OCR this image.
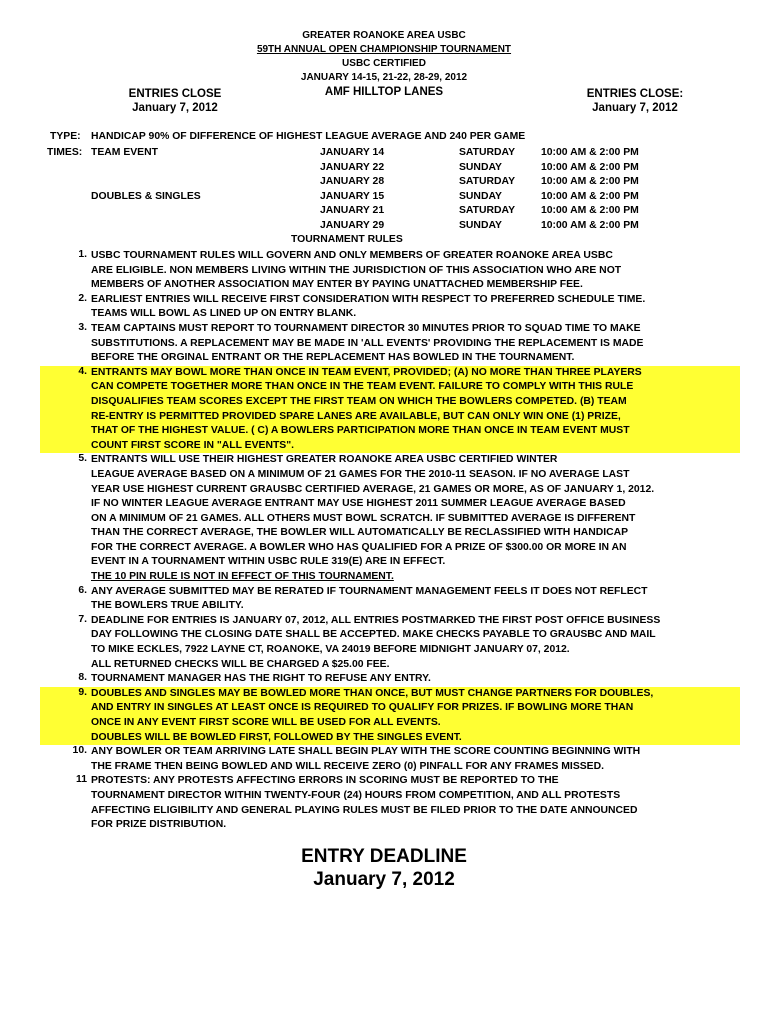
GREATER ROANOKE AREA USBC
59TH ANNUAL OPEN CHAMPIONSHIP TOURNAMENT
USBC CERTIFIED
JANUARY 14-15, 21-22, 28-29, 2012
AMF HILLTOP LANES
ENTRIES CLOSE
January 7, 2012
ENTRIES CLOSE:
January 7, 2012
TYPE: HANDICAP 90% OF DIFFERENCE OF HIGHEST LEAGUE AVERAGE AND 240 PER GAME
TIMES: TEAM EVENT	JANUARY 14	SATURDAY 10:00 AM & 2:00 PM
JANUARY 22	SUNDAY	10:00 AM & 2:00 PM
JANUARY 28	SATURDAY 10:00 AM & 2:00 PM
DOUBLES & SINGLES	JANUARY 15	SUNDAY	10:00 AM & 2:00 PM
JANUARY 21	SATURDAY 10:00 AM & 2:00 PM
JANUARY 29	SUNDAY	10:00 AM & 2:00 PM
TOURNAMENT RULES
1. USBC TOURNAMENT RULES WILL GOVERN AND ONLY MEMBERS OF GREATER ROANOKE AREA USBC
ARE ELIGIBLE. NON MEMBERS LIVING WITHIN THE JURISDICTION OF THIS ASSOCIATION WHO ARE NOT
MEMBERS OF ANOTHER ASSOCIATION MAY ENTER BY PAYING UNATTACHED MEMBERSHIP FEE.
2. EARLIEST ENTRIES WILL RECEIVE FIRST CONSIDERATION WITH RESPECT TO PREFERRED SCHEDULE TIME.
TEAMS WILL BOWL AS LINED UP ON ENTRY BLANK.
3. TEAM CAPTAINS MUST REPORT TO TOURNAMENT DIRECTOR 30 MINUTES PRIOR TO SQUAD TIME TO MAKE
SUBSTITUTIONS. A REPLACEMENT MAY BE MADE IN 'ALL EVENTS' PROVIDING THE REPLACEMENT IS MADE
BEFORE THE ORGINAL ENTRANT OR THE REPLACEMENT HAS BOWLED IN THE TOURNAMENT.
4. ENTRANTS MAY BOWL MORE THAN ONCE IN TEAM EVENT, PROVIDED; (A) NO MORE THAN THREE PLAYERS
CAN COMPETE TOGETHER MORE THAN ONCE IN THE TEAM EVENT. FAILURE TO COMPLY WITH THIS RULE
DISQUALIFIES TEAM SCORES EXCEPT THE FIRST TEAM ON WHICH THE BOWLERS COMPETED. (B) TEAM
RE-ENTRY IS PERMITTED PROVIDED SPARE LANES ARE AVAILABLE, BUT CAN ONLY WIN ONE (1) PRIZE,
THAT OF THE HIGHEST VALUE. ( C) A BOWLERS PARTICIPATION MORE THAN ONCE IN TEAM EVENT MUST
COUNT FIRST SCORE IN "ALL EVENTS".
5. ENTRANTS WILL USE THEIR HIGHEST GREATER ROANOKE AREA USBC CERTIFIED WINTER
LEAGUE AVERAGE BASED ON A MINIMUM OF 21 GAMES FOR THE 2010-11 SEASON. IF NO AVERAGE LAST
YEAR USE HIGHEST CURRENT GRAUSBC CERTIFIED AVERAGE, 21 GAMES OR MORE, AS OF JANUARY 1, 2012.
IF NO WINTER LEAGUE AVERAGE ENTRANT MAY USE HIGHEST 2011 SUMMER LEAGUE AVERAGE BASED
ON A MINIMUM OF 21 GAMES. ALL OTHERS MUST BOWL SCRATCH. IF SUBMITTED AVERAGE IS DIFFERENT
THAN THE CORRECT AVERAGE, THE BOWLER WILL AUTOMATICALLY BE RECLASSIFIED WITH HANDICAP
FOR THE CORRECT AVERAGE. A BOWLER WHO HAS QUALIFIED FOR A PRIZE OF $300.00 OR MORE IN AN
EVENT IN A TOURNAMENT WITHIN USBC RULE 319(E) ARE IN EFFECT.
THE 10 PIN RULE IS NOT IN EFFECT OF THIS TOURNAMENT.
6. ANY AVERAGE SUBMITTED MAY BE RERATED IF TOURNAMENT MANAGEMENT FEELS IT DOES NOT REFLECT
THE BOWLERS TRUE ABILITY.
7. DEADLINE FOR ENTRIES IS JANUARY 07, 2012, ALL ENTRIES POSTMARKED THE FIRST POST OFFICE BUSINESS
DAY FOLLOWING THE CLOSING DATE SHALL BE ACCEPTED. MAKE CHECKS PAYABLE TO GRAUSBC AND MAIL
TO MIKE ECKLES, 7922 LAYNE CT, ROANOKE, VA 24019 BEFORE MIDNIGHT JANUARY 07, 2012.
ALL RETURNED CHECKS WILL BE CHARGED A $25.00 FEE.
8. TOURNAMENT MANAGER HAS THE RIGHT TO REFUSE ANY ENTRY.
9. DOUBLES AND SINGLES MAY BE BOWLED MORE THAN ONCE, BUT MUST CHANGE PARTNERS FOR DOUBLES,
AND ENTRY IN SINGLES AT LEAST ONCE IS REQUIRED TO QUALIFY FOR PRIZES. IF BOWLING MORE THAN
ONCE IN ANY EVENT FIRST SCORE WILL BE USED FOR ALL EVENTS.
DOUBLES WILL BE BOWLED FIRST, FOLLOWED BY THE SINGLES EVENT.
10. ANY BOWLER OR TEAM ARRIVING LATE SHALL BEGIN PLAY WITH THE SCORE COUNTING BEGINNING WITH
THE FRAME THEN BEING BOWLED AND WILL RECEIVE ZERO (0) PINFALL FOR ANY FRAMES MISSED.
11 PROTESTS: ANY PROTESTS AFFECTING ERRORS IN SCORING MUST BE REPORTED TO THE
TOURNAMENT DIRECTOR WITHIN TWENTY-FOUR (24) HOURS FROM COMPETITION, AND ALL PROTESTS
AFFECTING ELIGIBILITY AND GENERAL PLAYING RULES MUST BE FILED PRIOR TO THE DATE ANNOUNCED
FOR PRIZE DISTRIBUTION.
ENTRY DEADLINE
January 7, 2012
